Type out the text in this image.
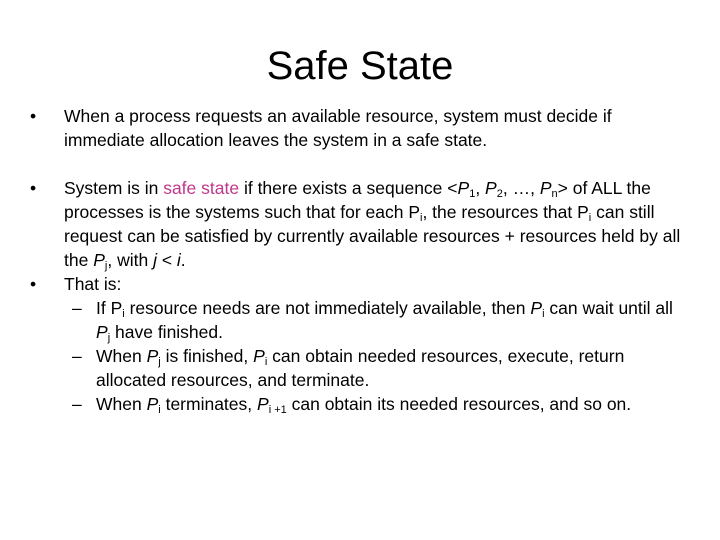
Safe State

• When a process requests an available resource, system must decide if immediate allocation leaves the system in a safe state.

• System is in safe state if there exists a sequence $<P_1$, $P_2$, …, $P_n>$ of ALL the processes is the systems such that for each $P_i$, the resources that $P_i$ can still request can be satisfied by currently available resources + resources held by all the $P_j$, with j < i.

• That is:

– If $P_i$ resource needs are not immediately available, then $P_i$ can wait until all $P_j$ have finished.

– When $P_j$ is finished, $P_i$ can obtain needed resources, execute, return allocated resources, and terminate.

– When $P_i$ terminates, $P_{i +1}$ can obtain its needed resources, and so on.
